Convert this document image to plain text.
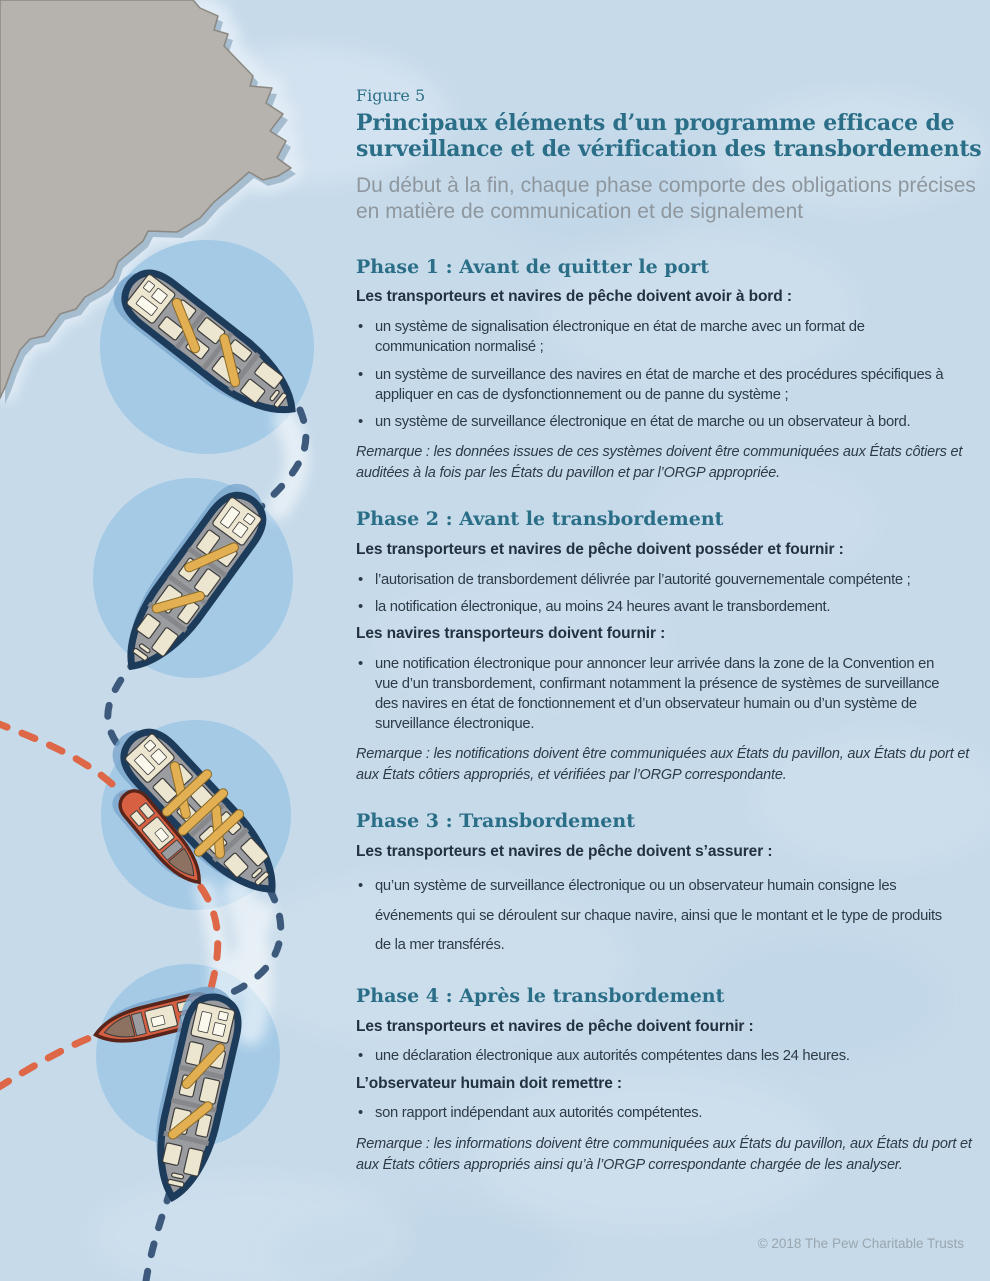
Figure 5
Principaux éléments d’un programme efficace de surveillance et de vérification des transbordements

Du début à la fin, chaque phase comporte des obligations précises en matière de communication et de signalement

Phase 1 : Avant de quitter le port

Les transporteurs et navires de pêche doivent avoir à bord :

• un système de signalisation électronique en état de marche avec un format de communication normalisé ;
• un système de surveillance des navires en état de marche et des procédures spécifiques à appliquer en cas de dysfonctionnement ou de panne du système ;
• un système de surveillance électronique en état de marche ou un observateur à bord.

Remarque : les données issues de ces systèmes doivent être communiquées aux États côtiers et auditées à la fois par les États du pavillon et par l’ORGP appropriée.

Phase 2 : Avant le transbordement

Les transporteurs et navires de pêche doivent posséder et fournir :

• l’autorisation de transbordement délivrée par l’autorité gouvernementale compétente ;
• la notification électronique, au moins 24 heures avant le transbordement.

Les navires transporteurs doivent fournir :

• une notification électronique pour annoncer leur arrivée dans la zone de la Convention en vue d’un transbordement, confirmant notamment la présence de systèmes de surveillance des navires en état de fonctionnement et d’un observateur humain ou d’un système de surveillance électronique.

Remarque : les notifications doivent être communiquées aux États du pavillon, aux États du port et aux États côtiers appropriés, et vérifiées par l’ORGP correspondante.

Phase 3 : Transbordement

Les transporteurs et navires de pêche doivent s’assurer :

• qu’un système de surveillance électronique ou un observateur humain consigne les événements qui se déroulent sur chaque navire, ainsi que le montant et le type de produits de la mer transférés.
Phase 4 : Après le transbordement

Les transporteurs et navires de pêche doivent fournir :

• une déclaration électronique aux autorités compétentes dans les 24 heures.

L’observateur humain doit remettre :

• son rapport indépendant aux autorités compétentes.

Remarque : les informations doivent être communiquées aux États du pavillon, aux États du port et aux États côtiers appropriés ainsi qu’à l’ORGP correspondante chargée de les analyser.

© 2018 The Pew Charitable Trusts
